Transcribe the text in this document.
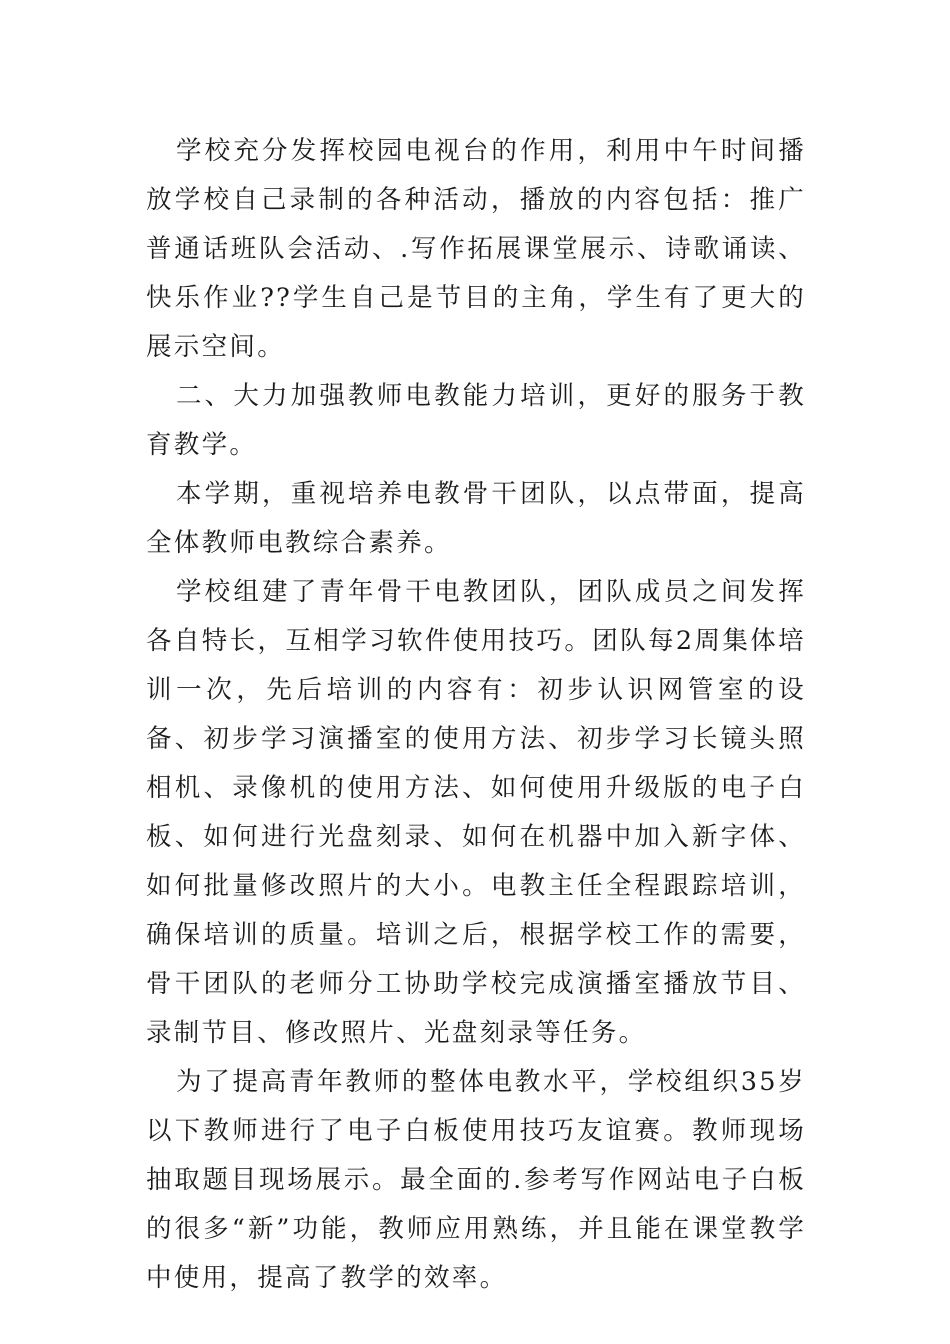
学校充分发挥校园电视台的作用，利用中午时间播放学校自己录制的各种活动，播放的内容包括：推广普通话班队会活动、.写作拓展课堂展示、诗歌诵读、快乐作业??学生自己是节目的主角，学生有了更大的展示空间。

二、大力加强教师电教能力培训，更好的服务于教育教学。

本学期，重视培养电教骨干团队，以点带面，提高全体教师电教综合素养。

学校组建了青年骨干电教团队，团队成员之间发挥各自特长，互相学习软件使用技巧。团队每2周集体培训一次，先后培训的内容有：初步认识网管室的设备、初步学习演播室的使用方法、初步学习长镜头照相机、录像机的使用方法、如何使用升级版的电子白板、如何进行光盘刻录、如何在机器中加入新字体、如何批量修改照片的大小。电教主任全程跟踪培训，确保培训的质量。培训之后，根据学校工作的需要，骨干团队的老师分工协助学校完成演播室播放节目、录制节目、修改照片、光盘刻录等任务。

为了提高青年教师的整体电教水平，学校组织35岁以下教师进行了电子白板使用技巧友谊赛。教师现场抽取题目现场展示。最全面的.参考写作网站电子白板的很多“新”功能，教师应用熟练，并且能在课堂教学中使用，提高了教学的效率。
